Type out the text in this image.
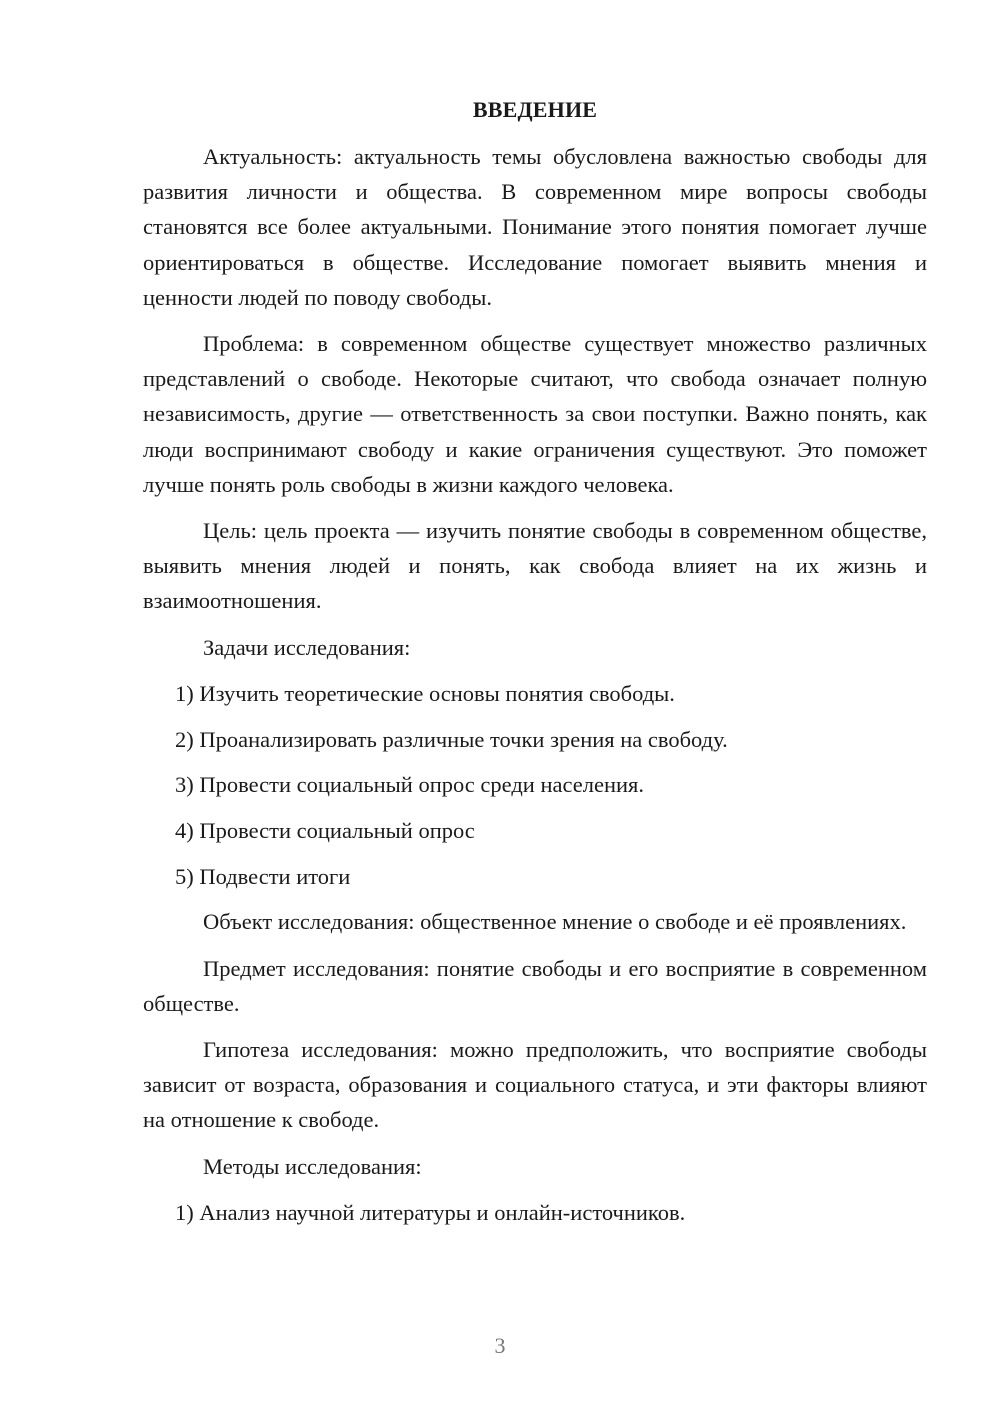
ВВЕДЕНИЕ

Актуальность: актуальность темы обусловлена важностью свободы для развития личности и общества. В современном мире вопросы свободы становятся все более актуальными. Понимание этого понятия помогает лучше ориентироваться в обществе. Исследование помогает выявить мнения и ценности людей по поводу свободы.

Проблема: в современном обществе существует множество различных представлений о свободе. Некоторые считают, что свобода означает полную независимость, другие — ответственность за свои поступки. Важно понять, как люди воспринимают свободу и какие ограничения существуют. Это поможет лучше понять роль свободы в жизни каждого человека.

Цель: цель проекта — изучить понятие свободы в современном обществе, выявить мнения людей и понять, как свобода влияет на их жизнь и взаимоотношения.

Задачи исследования:

1) Изучить теоретические основы понятия свободы.
2) Проанализировать различные точки зрения на свободу.
3) Провести социальный опрос среди населения.
4) Провести социальный опрос
5) Подвести итоги

Объект исследования: общественное мнение о свободе и её проявлениях.

Предмет исследования: понятие свободы и его восприятие в современном обществе.

Гипотеза исследования: можно предположить, что восприятие свободы зависит от возраста, образования и социального статуса, и эти факторы влияют на отношение к свободе.

Методы исследования:

1) Анализ научной литературы и онлайн-источников.
3
